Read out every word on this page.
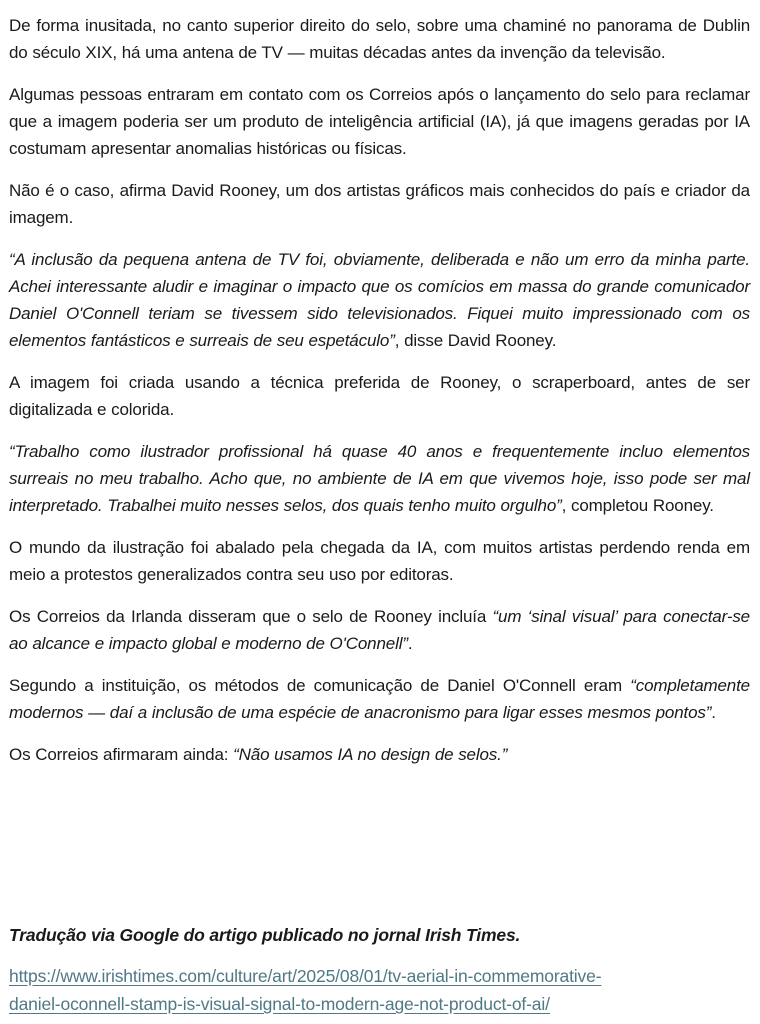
De forma inusitada, no canto superior direito do selo, sobre uma chaminé no panorama de Dublin do século XIX, há uma antena de TV — muitas décadas antes da invenção da televisão.

Algumas pessoas entraram em contato com os Correios após o lançamento do selo para reclamar que a imagem poderia ser um produto de inteligência artificial (IA), já que imagens geradas por IA costumam apresentar anomalias históricas ou físicas.

Não é o caso, afirma David Rooney, um dos artistas gráficos mais conhecidos do país e criador da imagem.

“A inclusão da pequena antena de TV foi, obviamente, deliberada e não um erro da minha parte. Achei interessante aludir e imaginar o impacto que os comícios em massa do grande comunicador Daniel O'Connell teriam se tivessem sido televisionados. Fiquei muito impressionado com os elementos fantásticos e surreais de seu espetáculo”, disse David Rooney.

A imagem foi criada usando a técnica preferida de Rooney, o scraperboard, antes de ser digitalizada e colorida.

“Trabalho como ilustrador profissional há quase 40 anos e frequentemente incluo elementos surreais no meu trabalho. Acho que, no ambiente de IA em que vivemos hoje, isso pode ser mal interpretado. Trabalhei muito nesses selos, dos quais tenho muito orgulho”, completou Rooney.

O mundo da ilustração foi abalado pela chegada da IA, com muitos artistas perdendo renda em meio a protestos generalizados contra seu uso por editoras.

Os Correios da Irlanda disseram que o selo de Rooney incluía “um ‘sinal visual’ para conectar-se ao alcance e impacto global e moderno de O'Connell”.

Segundo a instituição, os métodos de comunicação de Daniel O'Connell eram “completamente modernos — daí a inclusão de uma espécie de anacronismo para ligar esses mesmos pontos”.

Os Correios afirmaram ainda: “Não usamos IA no design de selos.”

Tradução via Google do artigo publicado no jornal Irish Times.

https://www.irishtimes.com/culture/art/2025/08/01/tv-aerial-in-commemorative-
daniel-oconnell-stamp-is-visual-signal-to-modern-age-not-product-of-ai/
